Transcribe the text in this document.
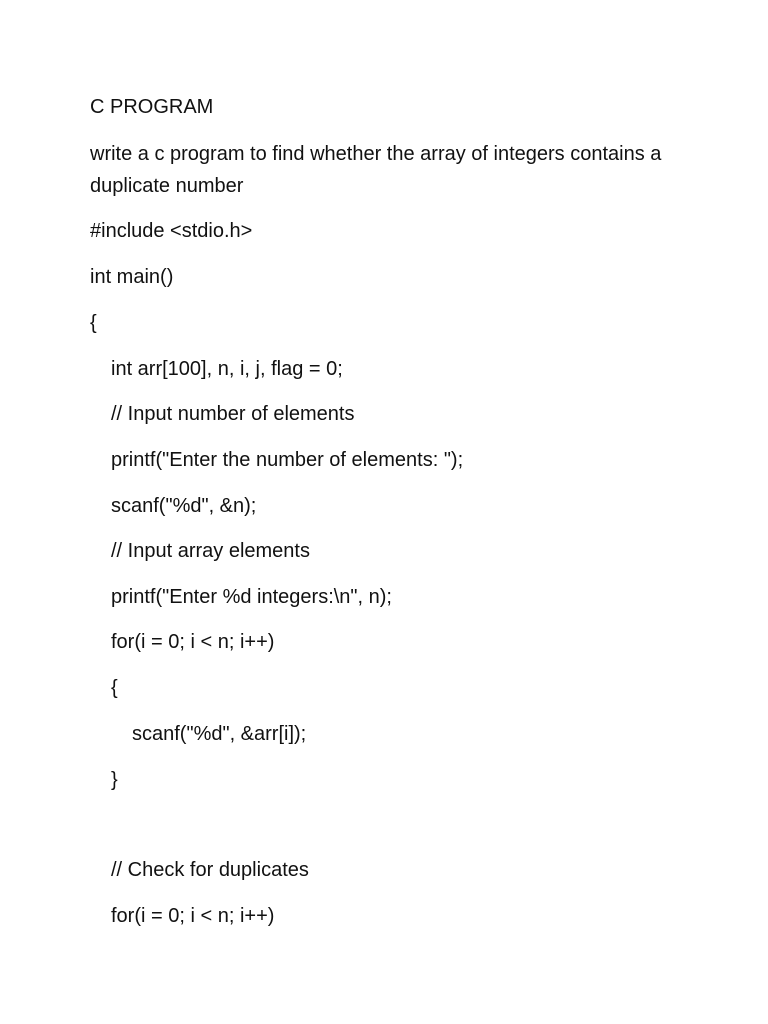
C PROGRAM

write a c program to find whether the array of integers contains a duplicate number

#include <stdio.h>

int main()

{

int arr[100], n, i, j, flag = 0;

// Input number of elements

printf("Enter the number of elements: ");

scanf("%d", &n);

// Input array elements

printf("Enter %d integers:\n", n);

for(i = 0; i < n; i++)

{

scanf("%d", &arr[i]);

}

// Check for duplicates

for(i = 0; i < n; i++)
